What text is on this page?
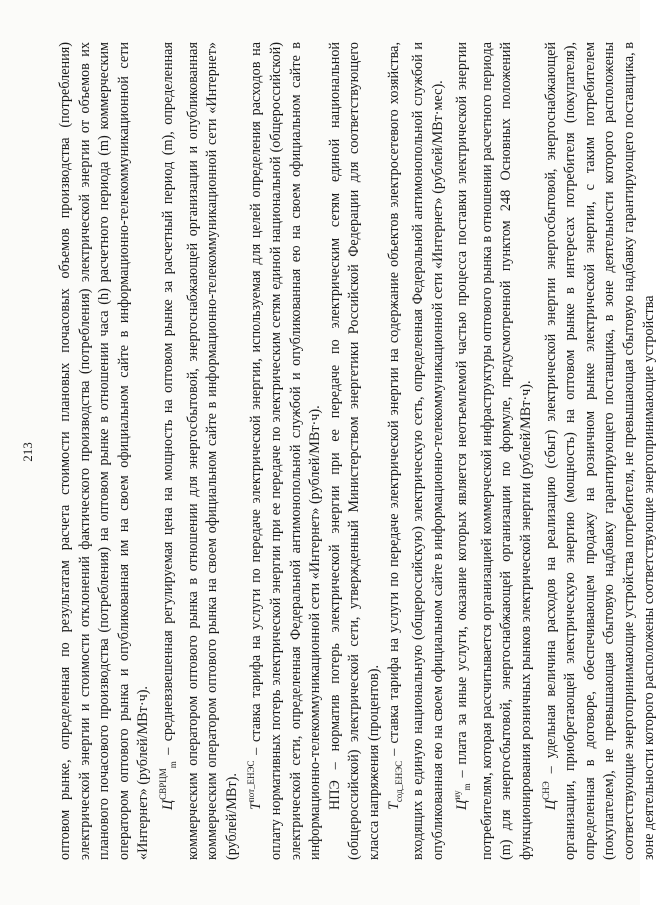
213 оптовом рынке, определенная по результатам расчета стоимости плановых почасовых объемов производства (потребления) электрической энергии и стоимости отклонений фактического производства (потребления) электрической энергии от объемов их планового почасового производства (потребления) на оптовом рынке в отношении часа (h) расчетного периода (m) коммерческим оператором оптового рынка и опубликованная им на своем официальном сайте в информационно-телекоммуникационной сети «Интернет» (рублей/МВт·ч). $Ц^{СВРЦМ}_m$ – средневзвешенная регулируемая цена на мощность на оптовом рынке за расчетный период (m), определенная коммерческим оператором оптового рынка в отношении для энергосбытовой, энергоснабжающей организации и опубликованная коммерческим оператором оптового рынка на своем официальном сайте в информационно-телекоммуникационной сети «Интернет» (рублей/МВт). $T^{пот\_ЕНЭС}$ – ставка тарифа на услуги по передаче электрической энергии, используемая для целей определения расходов на оплату нормативных потерь электрической энергии при ее передаче по электрическим сетям единой национальной (общероссийской) электрической сети, определенная Федеральной антимонопольной службой и опубликованная ею на своем официальном сайте в информационно-телекоммуникационной сети «Интернет» (рублей/МВт·ч). НПЭ – норматив потерь электрической энергии при ее передаче по электрическим сетям единой национальной (общероссийской) электрической сети, утвержденный Министерством энергетики Российской Федерации для соответствующего класса напряжения (процентов). $T_{сод\_ЕНЭС}$ – ставка тарифа на услуги по передаче электрической энергии на содержание объектов электросетевого хозяйства, входящих в единую национальную (общероссийскую) электрическую сеть, определенная Федеральной антимонопольной службой и опубликованная ею на своем официальном сайте в информационно-телекоммуникационной сети «Интернет» (рублей/МВт·мес). $Ц^{иу}_m$ – плата за иные услуги, оказание которых является неотъемлемой частью процесса поставки электрической энергии потребителям, которая рассчитывается организацией коммерческой инфраструктуры оптового рынка в отношении расчетного периода (m) для энергосбытовой, энергоснабжающей организации по формуле, предусмотренной пунктом 248 Основных положений функционирования розничных рынков электрической энергии (рублей/МВт·ч). $Ц^{СНЭ}$ – удельная величина расходов на реализацию (сбыт) электрической энергии энергосбытовой, энергоснабжающей организации, приобретающей электрическую энергию (мощность) на оптовом рынке в интересах потребителя (покупателя), определенная в договоре, обеспечивающем продажу на розничном рынке электрической энергии, с таким потребителем (покупателем), не превышающая сбытовую надбавку гарантирующего поставщика, в зоне деятельности которого расположены соответствующие энергопринимающие устройства потребителя, не превышающая сбытовую надбавку гарантирующего поставщика, в зоне деятельности которого расположены соответствующие энергопринимающие устройства
